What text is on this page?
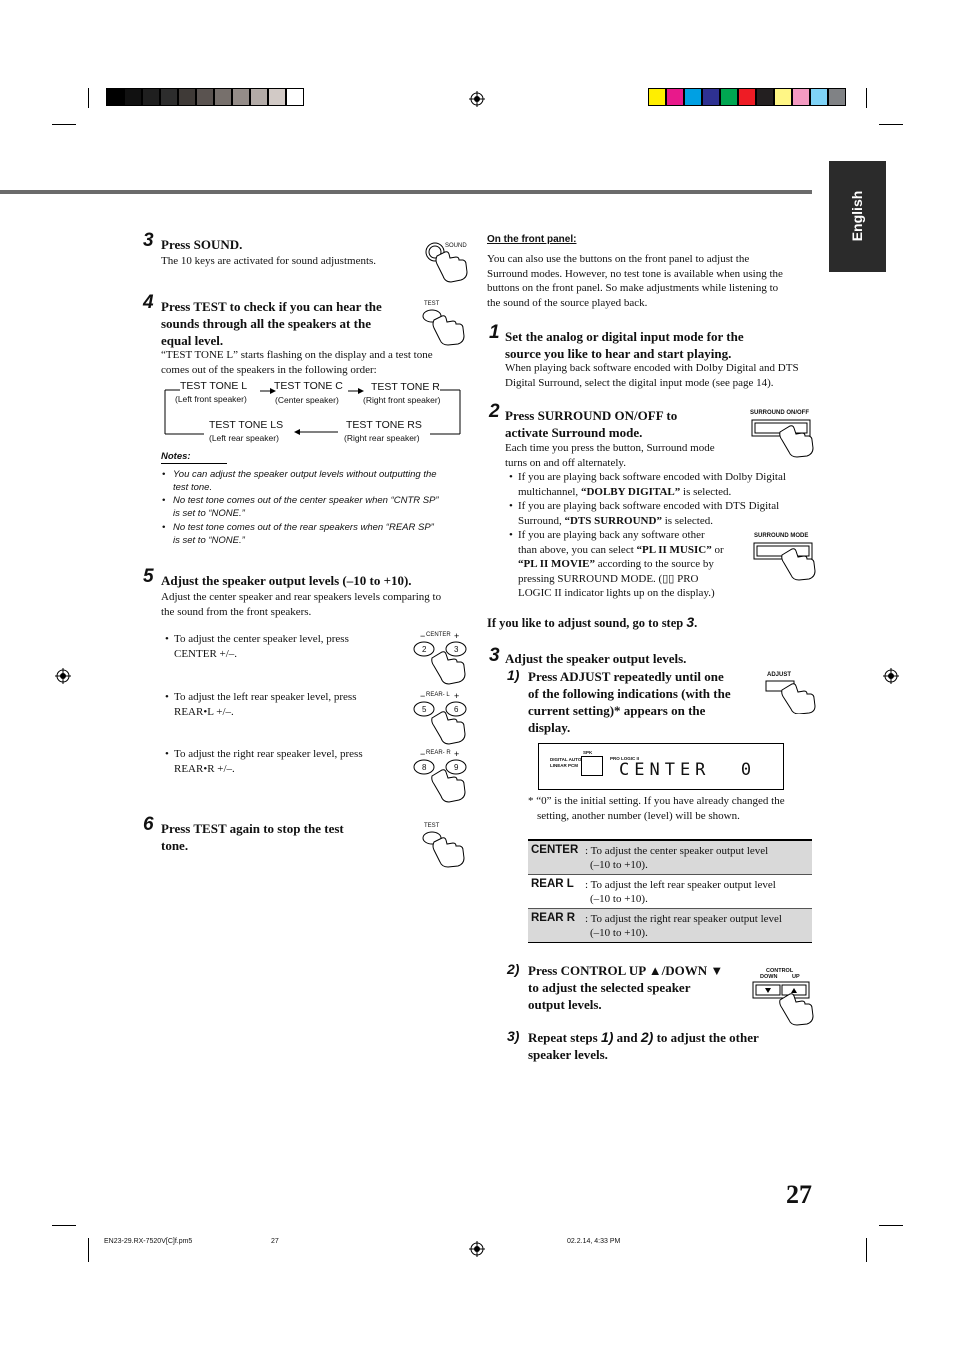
English
3 Press SOUND.
The 10 keys are activated for sound adjustments.
SOUND
4 Press TEST to check if you can hear the
sounds through all the speakers at the
equal level.
“TEST TONE L” starts flashing on the display and a test tone
comes out of the speakers in the following order:
TEST
TEST TONE L
(Left front speaker)
TEST TONE C
(Center speaker)
TEST TONE R
(Right front speaker)
TEST TONE LS
(Left rear speaker)
TEST TONE RS
(Right rear speaker)
Notes:
• You can adjust the speaker output levels without outputting the
test tone.
• No test tone comes out of the center speaker when “CNTR SP”
is set to “NONE.”
• No test tone comes out of the rear speakers when “REAR SP”
is set to “NONE.”
5 Adjust the speaker output levels (–10 to +10).
Adjust the center speaker and rear speakers levels comparing to
the sound from the front speakers.
• To adjust the center speaker level, press
CENTER +/–.
CENTER
−	+
2	3
• To adjust the left rear speaker level, press
REAR•L +/–.
REAR- L
−	+
5	6
• To adjust the right rear speaker level, press
REAR•R +/–.
REAR- R
−	+
8	9
6 Press TEST again to stop the test
tone.
TEST
On the front panel:
You can also use the buttons on the front panel to adjust the
Surround modes. However, no test tone is available when using the
buttons on the front panel. So make adjustments while listening to
the sound of the source played back.
1 Set the analog or digital input mode for the
source you like to hear and start playing.
When playing back software encoded with Dolby Digital and DTS
Digital Surround, select the digital input mode (see page 14).
2 Press SURROUND ON/OFF to
activate Surround mode.
SURROUND ON/OFF
Each time you press the button, Surround mode
turns on and off alternately.
• If you are playing back software encoded with Dolby Digital
multichannel, “DOLBY DIGITAL” is selected.
• If you are playing back software encoded with DTS Digital
Surround, “DTS SURROUND” is selected.
• If you are playing back any software other
than above, you can select “PL II MUSIC” or
“PL II MOVIE” according to the source by
pressing SURROUND MODE. (▯▯ PRO
LOGIC II indicator lights up on the display.)
SURROUND MODE
If you like to adjust sound, go to step 3.
3 Adjust the speaker output levels.
1) Press ADJUST repeatedly until one
of the following indications (with the
current setting)* appears on the
display.
ADJUST
DIGITAL AUTO
LINEAR PCM
SPK
PRO LOGIC II
CENTER  0
* “0” is the initial setting. If you have already changed the
setting, another number (level) will be shown.
CENTER : To adjust the center speaker output level
(–10 to +10).
REAR L : To adjust the left rear speaker output level
(–10 to +10).
REAR R : To adjust the right rear speaker output level
(–10 to +10).
2) Press CONTROL UP ▲/DOWN ▼
to adjust the selected speaker
output levels.
CONTROL
DOWN	UP
3) Repeat steps 1) and 2) to adjust the other
speaker levels.
27
EN23-29.RX-7520V[C]f.pm5	27	02.2.14, 4:33 PM
